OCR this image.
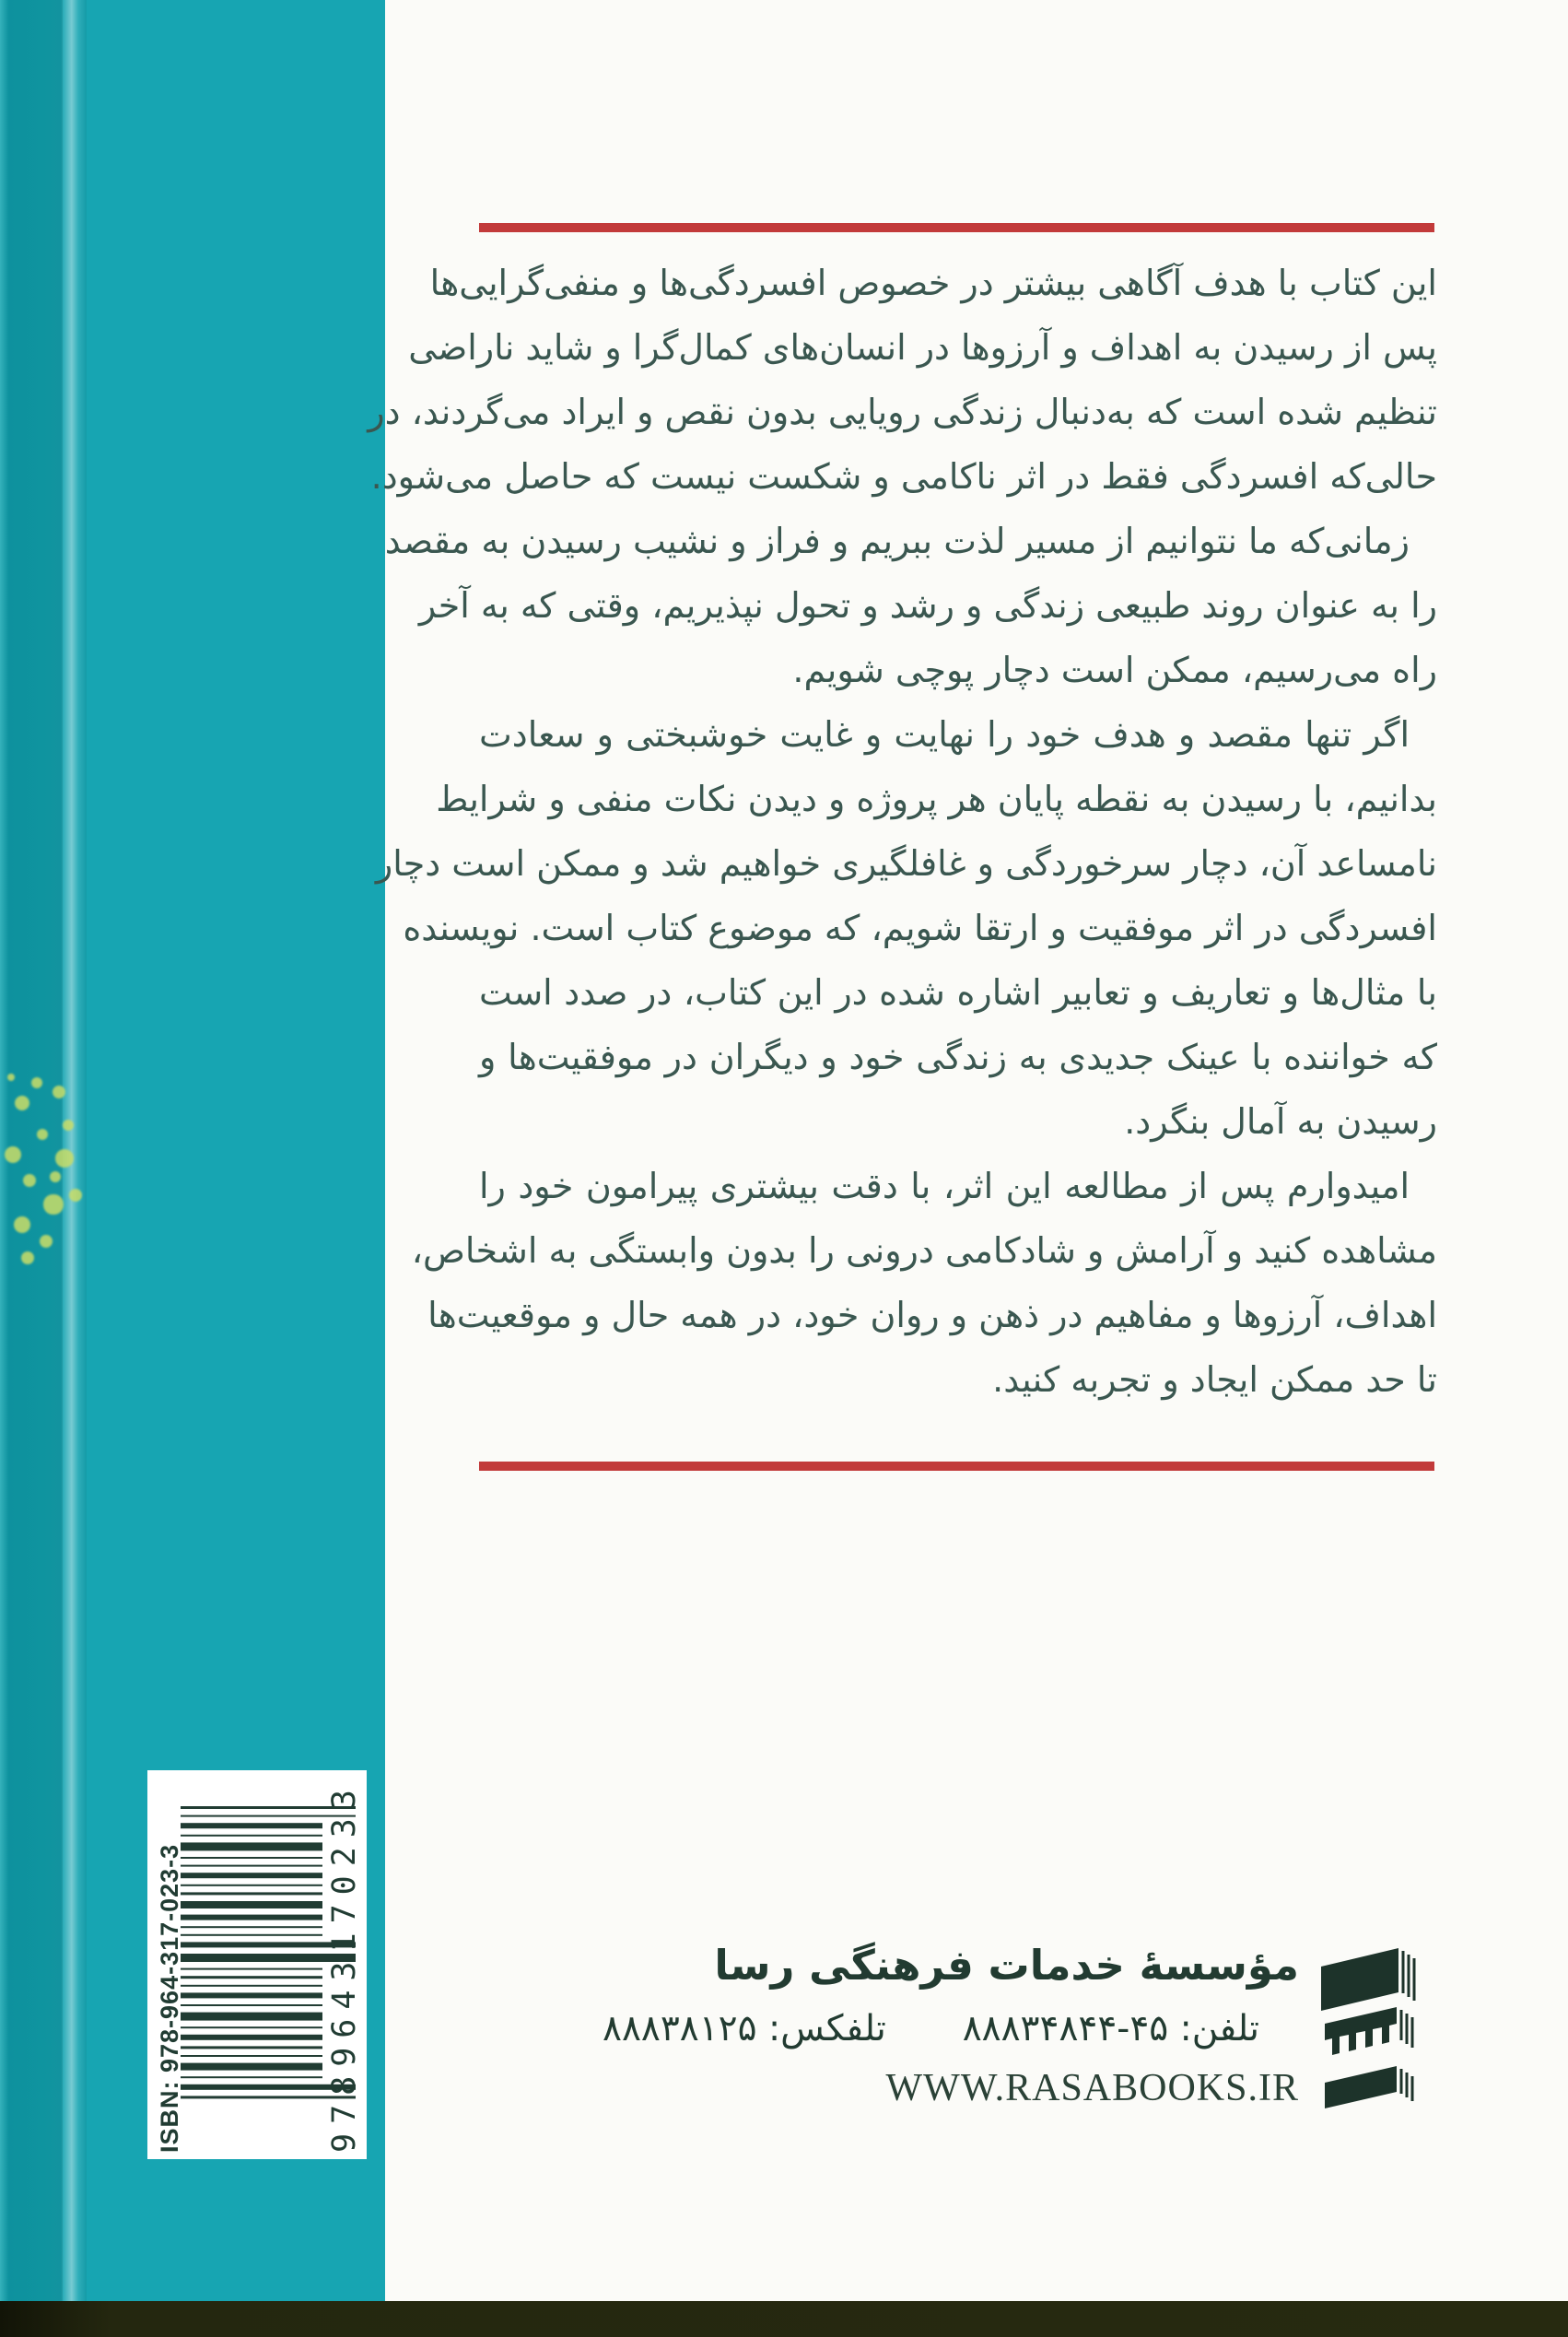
این کتاب با هدف آگاهی بیشتر در خصوص افسردگی‌ها و منفی‌گرایی‌ها
پس از رسیدن به اهداف و آرزوها در انسان‌های کمال‌گرا و شاید ناراضی
تنظیم شده است که به‌دنبال زندگی رویایی بدون نقص و ایراد می‌گردند، در
حالی‌که افسردگی فقط در اثر ناکامی و شکست نیست که حاصل می‌شود.
زمانی‌که ما نتوانیم از مسیر لذت ببریم و فراز و نشیب رسیدن به مقصد
را به عنوان روند طبیعی زندگی و رشد و تحول نپذیریم، وقتی که به آخر
راه می‌رسیم، ممکن است دچار پوچی شویم.
اگر تنها مقصد و هدف خود را نهایت و غایت خوشبختی و سعادت
بدانیم، با رسیدن به نقطه پایان هر پروژه و دیدن نکات منفی و شرایط
نامساعد آن، دچار سرخوردگی و غافلگیری خواهیم شد و ممکن است دچار
افسردگی در اثر موفقیت و ارتقا شویم، که موضوع کتاب است. نویسنده
با مثال‌ها و تعاریف و تعابیر اشاره شده در این کتاب، در صدد است
که خواننده با عینک جدیدی به زندگی خود و دیگران در موفقیت‌ها و
رسیدن به آمال بنگرد.
امیدوارم پس از مطالعه این اثر، با دقت بیشتری پیرامون خود را
مشاهده کنید و آرامش و شادکامی درونی را بدون وابستگی به اشخاص،
اهداف، آرزوها و مفاهیم در ذهن و روان خود، در همه حال و موقعیت‌ها
تا حد ممکن ایجاد و تجربه کنید.
ISBN: 978-964-317-023-3	9789643170233	مؤسسۀ خدمات فرهنگی رسا
تلفن: ۴۵-۸۸۸۳۴۸۴۴  تلفکس: ۸۸۸۳۸۱۲۵
WWW.RASABOOKS.IR
